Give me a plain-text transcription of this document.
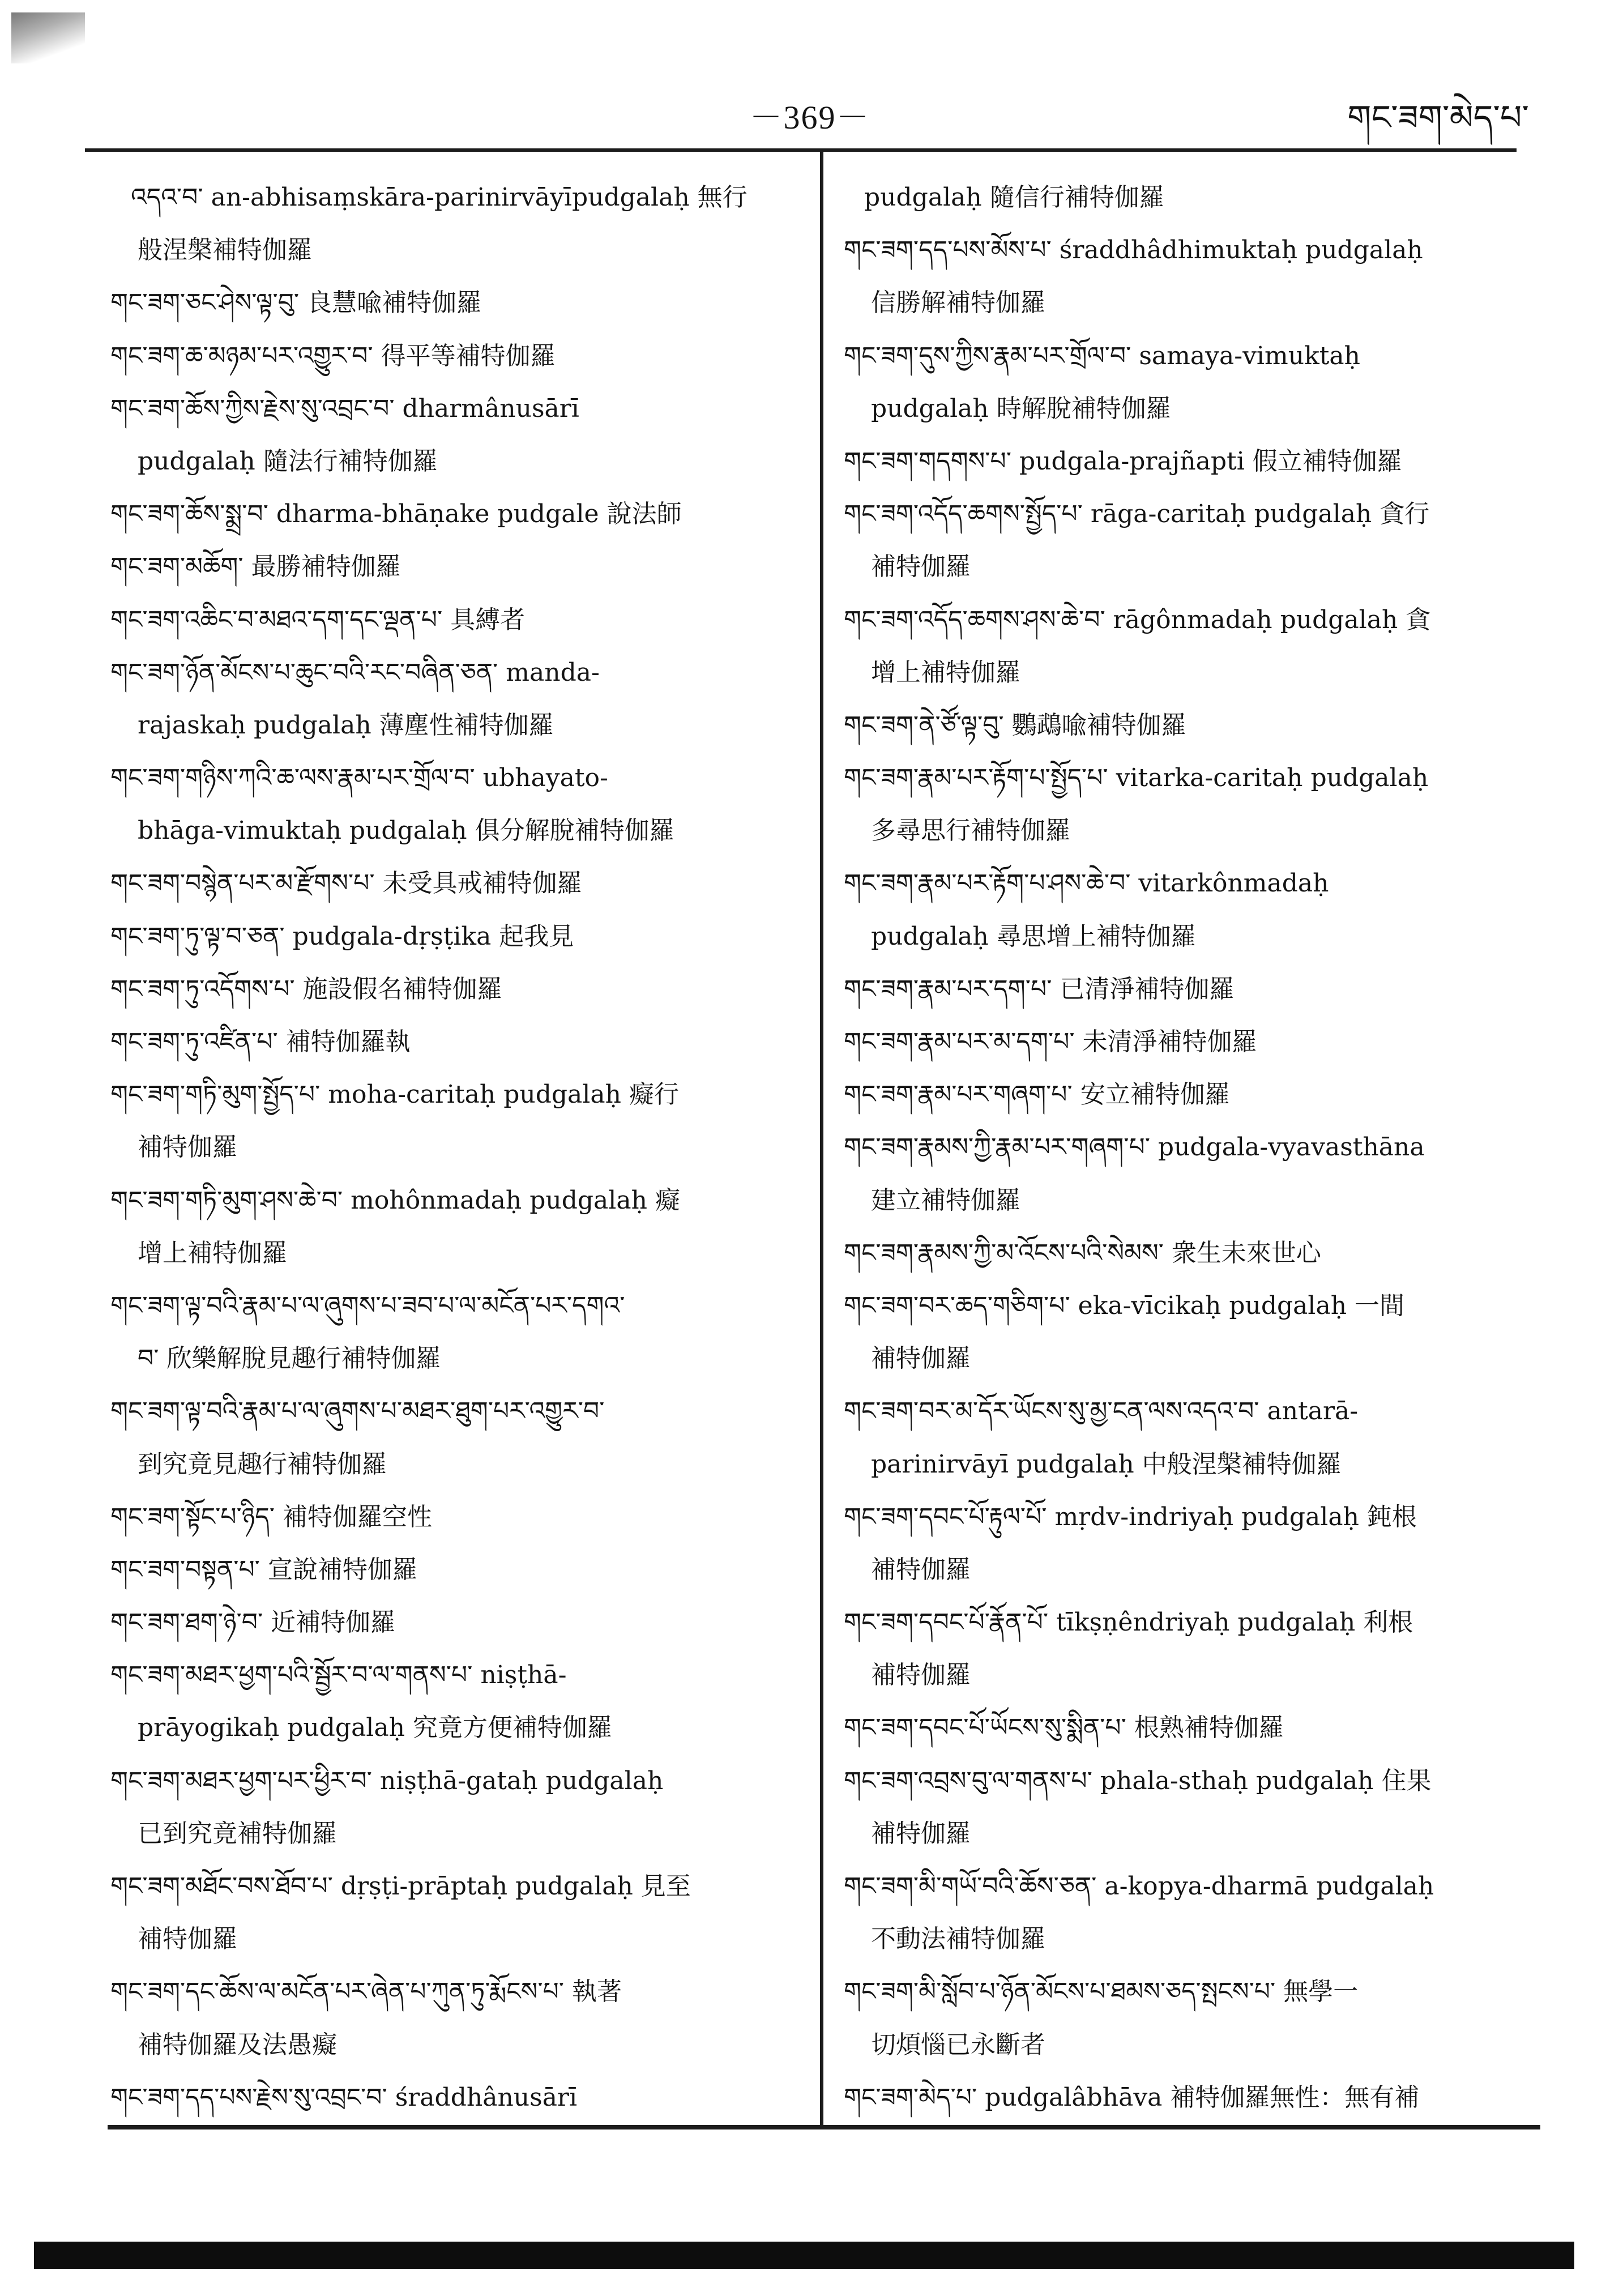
－369－	གང་ཟག་མེད་པ་
འདའ་བ་ an-abhisaṃskāra-parinirvāyīpudgalaḥ 無行
般涅槃補特伽羅
གང་ཟག་ཅང་ཤེས་ལྟ་བུ་ 良慧喩補特伽羅
གང་ཟག་ཆ་མཉམ་པར་འགྱུར་བ་ 得平等補特伽羅
གང་ཟག་ཆོས་ཀྱིས་རྗེས་སུ་འབྲང་བ་ dharmânusārī
pudgalaḥ 隨法行補特伽羅
གང་ཟག་ཆོས་སྨྲ་བ་ dharma-bhāṇake pudgale 說法師
གང་ཟག་མཆོག་ 最勝補特伽羅
གང་ཟག་འཆིང་བ་མཐའ་དག་དང་ལྡན་པ་ 具縛者
གང་ཟག་ཉོན་མོངས་པ་ཆུང་བའི་རང་བཞིན་ཅན་ manda-
rajaskaḥ pudgalaḥ 薄塵性補特伽羅
གང་ཟག་གཉིས་ཀའི་ཆ་ལས་རྣམ་པར་གྲོལ་བ་ ubhayato-
bhāga-vimuktaḥ pudgalaḥ 俱分解脫補特伽羅
གང་ཟག་བསྙེན་པར་མ་རྫོགས་པ་ 未受具戒補特伽羅
གང་ཟག་ཏུ་ལྟ་བ་ཅན་ pudgala-dṛṣṭika 起我見
གང་ཟག་ཏུ་འདོགས་པ་ 施設假名補特伽羅
གང་ཟག་ཏུ་འཛིན་པ་ 補特伽羅執
གང་ཟག་གཏི་མུག་སྤྱོད་པ་ moha-caritaḥ pudgalaḥ 癡行
補特伽羅
གང་ཟག་གཏི་མུག་ཤས་ཆེ་བ་ mohônmadaḥ pudgalaḥ 癡
增上補特伽羅
གང་ཟག་ལྟ་བའི་རྣམ་པ་ལ་ཞུགས་པ་ཟབ་པ་ལ་མངོན་པར་དགའ་
བ་ 欣樂解脫見趣行補特伽羅
གང་ཟག་ལྟ་བའི་རྣམ་པ་ལ་ཞུགས་པ་མཐར་ཐུག་པར་འགྱུར་བ་
到究竟見趣行補特伽羅
གང་ཟག་སྟོང་པ་ཉིད་ 補特伽羅空性
གང་ཟག་བསྟན་པ་ 宣說補特伽羅
གང་ཟག་ཐག་ཉེ་བ་ 近補特伽羅
གང་ཟག་མཐར་ཕྱག་པའི་སྦྱོར་བ་ལ་གནས་པ་ niṣṭhā-
prāyogikaḥ pudgalaḥ 究竟方便補特伽羅
གང་ཟག་མཐར་ཕྱག་པར་ཕྱིར་བ་ niṣṭhā-gataḥ pudgalaḥ
已到究竟補特伽羅
གང་ཟག་མཐོང་བས་ཐོབ་པ་ dṛṣṭi-prāptaḥ pudgalaḥ 見至
補特伽羅
གང་ཟག་དང་ཆོས་ལ་མངོན་པར་ཞེན་པ་ཀུན་ཏུ་རྨོངས་པ་ 執著
補特伽羅及法愚癡
གང་ཟག་དད་པས་རྗེས་སུ་འབྲང་བ་ śraddhânusārī
pudgalaḥ 隨信行補特伽羅
གང་ཟག་དད་པས་མོས་པ་ śraddhâdhimuktaḥ pudgalaḥ
信勝解補特伽羅
གང་ཟག་དུས་ཀྱིས་རྣམ་པར་གྲོལ་བ་ samaya-vimuktaḥ
pudgalaḥ 時解脫補特伽羅
གང་ཟག་གདགས་པ་ pudgala-prajñapti 假立補特伽羅
གང་ཟག་འདོད་ཆགས་སྤྱོད་པ་ rāga-caritaḥ pudgalaḥ 貪行
補特伽羅
གང་ཟག་འདོད་ཆགས་ཤས་ཆེ་བ་ rāgônmadaḥ pudgalaḥ 貪
增上補特伽羅
གང་ཟག་ནེ་ཙོ་ལྟ་བུ་ 鸚鵡喩補特伽羅
གང་ཟག་རྣམ་པར་རྟོག་པ་སྤྱོད་པ་ vitarka-caritaḥ pudgalaḥ
多尋思行補特伽羅
གང་ཟག་རྣམ་པར་རྟོག་པ་ཤས་ཆེ་བ་ vitarkônmadaḥ
pudgalaḥ 尋思增上補特伽羅
གང་ཟག་རྣམ་པར་དག་པ་ 已清淨補特伽羅
གང་ཟག་རྣམ་པར་མ་དག་པ་ 未清淨補特伽羅
གང་ཟག་རྣམ་པར་གཞག་པ་ 安立補特伽羅
གང་ཟག་རྣམས་ཀྱི་རྣམ་པར་གཞག་པ་ pudgala-vyavasthāna
建立補特伽羅
གང་ཟག་རྣམས་ཀྱི་མ་འོངས་པའི་སེམས་ 衆生未來世心
གང་ཟག་བར་ཆད་གཅིག་པ་ eka-vīcikaḥ pudgalaḥ 一間
補特伽羅
གང་ཟག་བར་མ་དོར་ཡོངས་སུ་མྱ་ངན་ལས་འདའ་བ་ antarā-
parinirvāyī pudgalaḥ 中般涅槃補特伽羅
གང་ཟག་དབང་པོ་རྟུལ་པོ་ mṛdv-indriyaḥ pudgalaḥ 鈍根
補特伽羅
གང་ཟག་དབང་པོ་རྣོན་པོ་ tīkṣṇêndriyaḥ pudgalaḥ 利根
補特伽羅
གང་ཟག་དབང་པོ་ཡོངས་སུ་སྨིན་པ་ 根熟補特伽羅
གང་ཟག་འབྲས་བུ་ལ་གནས་པ་ phala-sthaḥ pudgalaḥ 住果
補特伽羅
གང་ཟག་མི་གཡོ་བའི་ཆོས་ཅན་ a-kopya-dharmā pudgalaḥ
不動法補特伽羅
གང་ཟག་མི་སློབ་པ་ཉོན་མོངས་པ་ཐམས་ཅད་སྤངས་པ་ 無學一
切煩惱已永斷者
གང་ཟག་མེད་པ་ pudgalâbhāva 補特伽羅無性：無有補
